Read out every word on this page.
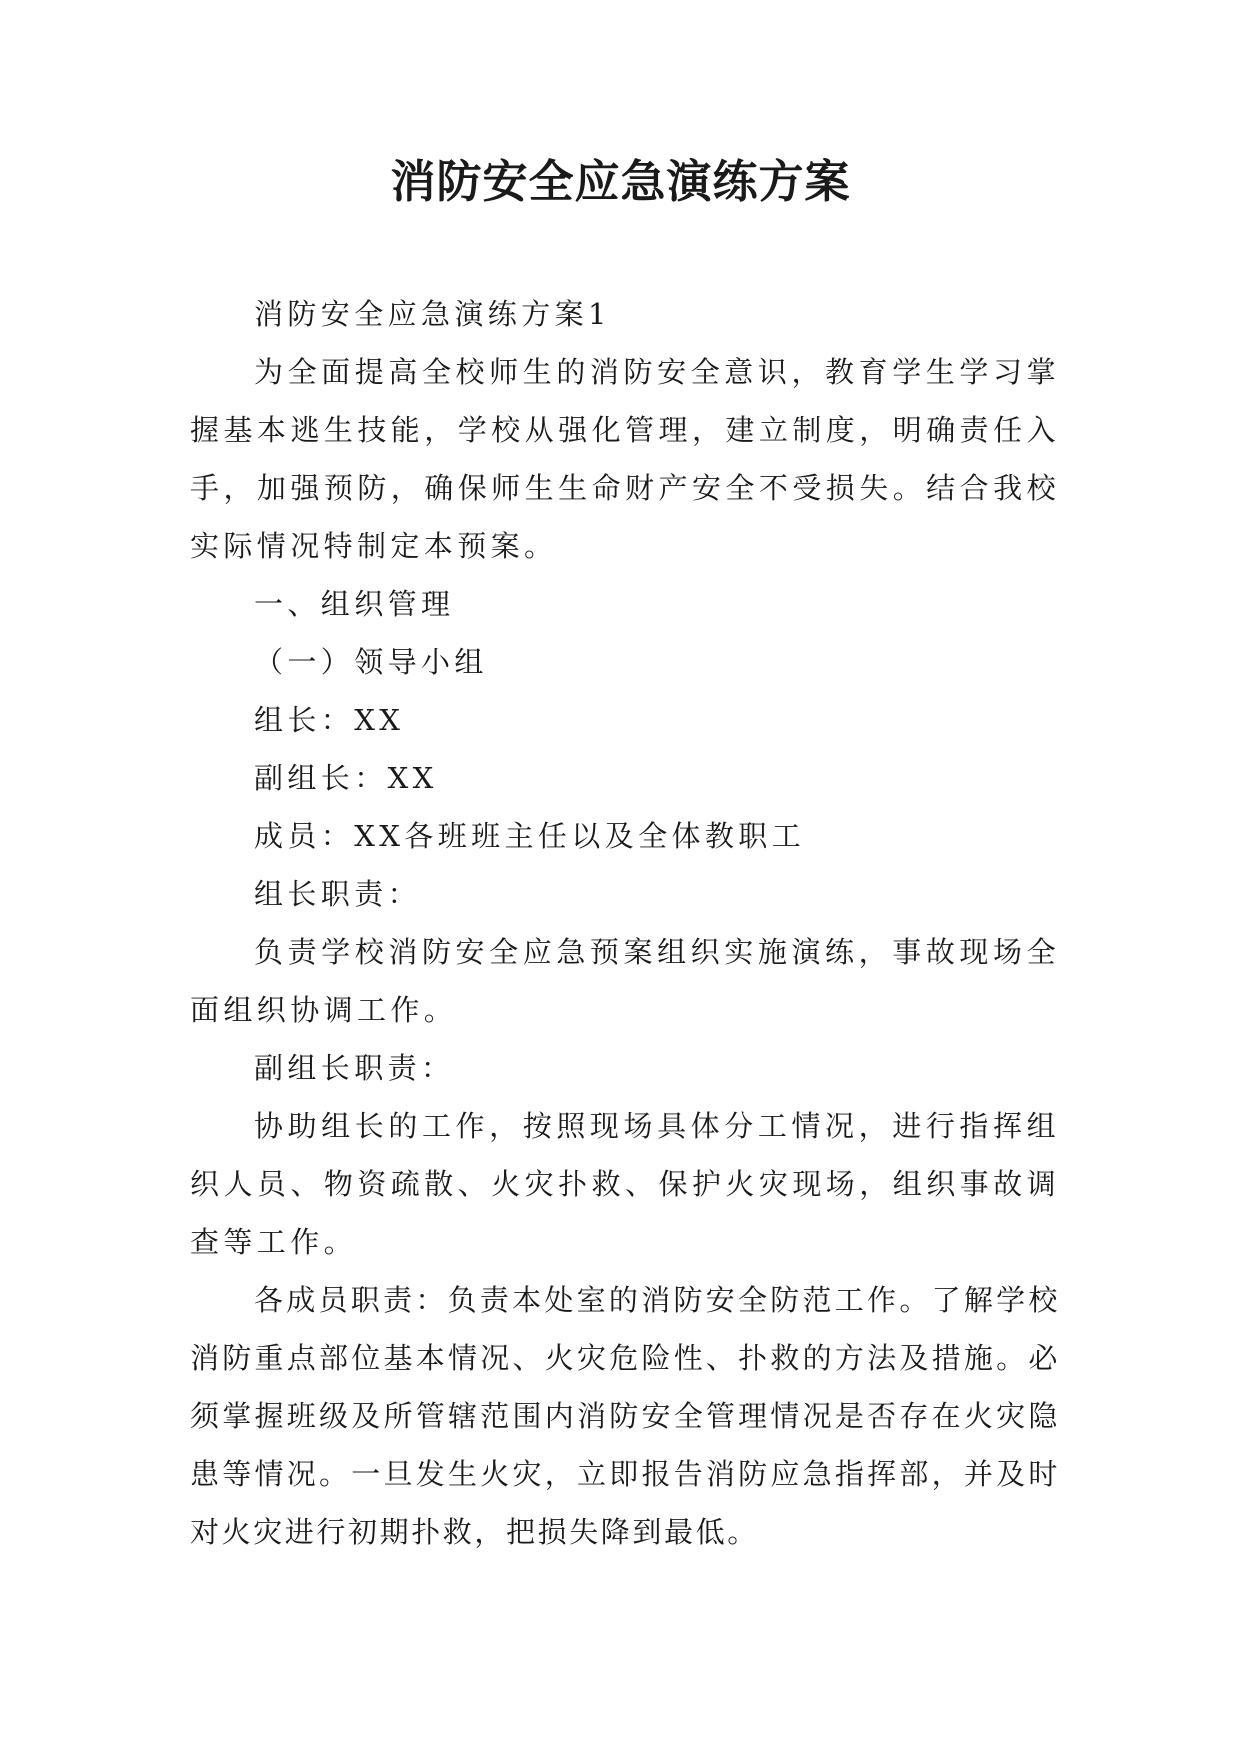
消防安全应急演练方案

消防安全应急演练方案1

为全面提高全校师生的消防安全意识，教育学生学习掌握基本逃生技能，学校从强化管理，建立制度，明确责任入手，加强预防，确保师生生命财产安全不受损失。结合我校实际情况特制定本预案。

一、组织管理

（一）领导小组

组长：XX

副组长：XX

成员：XX各班班主任以及全体教职工

组长职责：

负责学校消防安全应急预案组织实施演练，事故现场全面组织协调工作。

副组长职责：

协助组长的工作，按照现场具体分工情况，进行指挥组织人员、物资疏散、火灾扑救、保护火灾现场，组织事故调查等工作。

各成员职责：负责本处室的消防安全防范工作。了解学校消防重点部位基本情况、火灾危险性、扑救的方法及措施。必须掌握班级及所管辖范围内消防安全管理情况是否存在火灾隐患等情况。一旦发生火灾，立即报告消防应急指挥部，并及时对火灾进行初期扑救，把损失降到最低。
